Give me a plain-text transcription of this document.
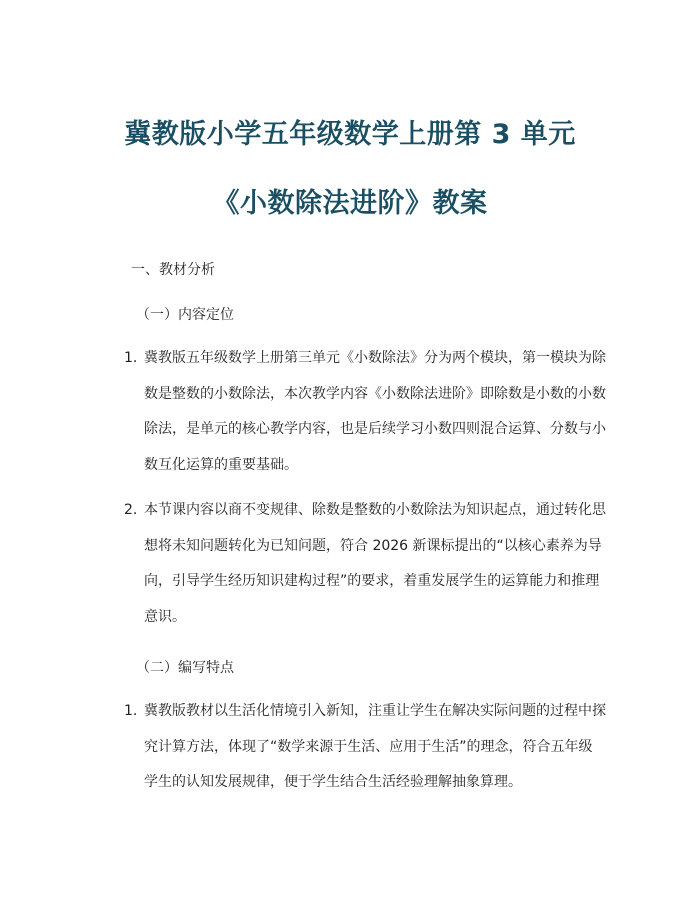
冀教版小学五年级数学上册第 3 单元
《小数除法进阶》教案
一、教材分析
（一）内容定位
1. 冀教版五年级数学上册第三单元《小数除法》分为两个模块，第一模块为除
数是整数的小数除法，本次教学内容《小数除法进阶》即除数是小数的小数
除法，是单元的核心教学内容，也是后续学习小数四则混合运算、分数与小
数互化运算的重要基础。
2. 本节课内容以商不变规律、除数是整数的小数除法为知识起点，通过转化思
想将未知问题转化为已知问题，符合 2026 新课标提出的“以核心素养为导
向，引导学生经历知识建构过程”的要求，着重发展学生的运算能力和推理
意识。
（二）编写特点
1. 冀教版教材以生活化情境引入新知，注重让学生在解决实际问题的过程中探
究计算方法，体现了“数学来源于生活、应用于生活”的理念，符合五年级
学生的认知发展规律，便于学生结合生活经验理解抽象算理。
